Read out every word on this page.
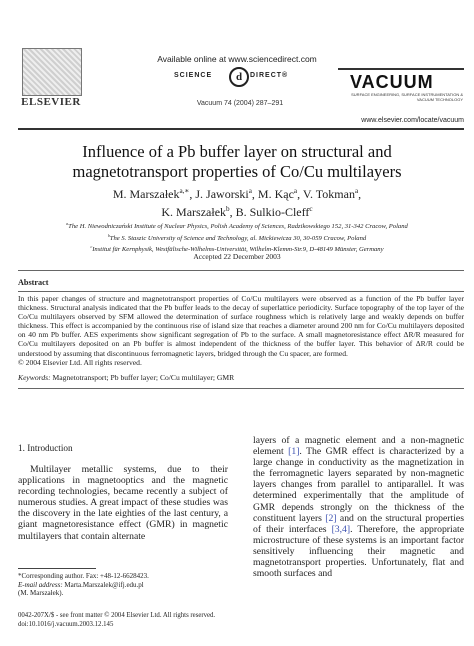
ELSEVIER
Available online at www.sciencedirect.com
SCIENCE	d	DIRECT®
Vacuum 74 (2004) 287–291
VACUUM
SURFACE ENGINEERING, SURFACE INSTRUMENTATION & VACUUM TECHNOLOGY
www.elsevier.com/locate/vacuum
Influence of a Pb buffer layer on structural and
magnetotransport properties of Co/Cu multilayers
M. Marszałek$^{a,∗}$, J. Jaworski$^a$, M. Kąc$^a$, V. Tokman$^a$,
K. Marszałek$^b$, B. Sulkio-Cleff$^c$
$^a$The H. Niewodniczański Institute of Nuclear Physics, Polish Academy of Sciences, Radzikowskiego 152, 31-342 Cracow, Poland
$^b$The S. Staszic University of Science and Technology, al. Mickiewicza 30, 30-059 Cracow, Poland
$^c$Institut für Kernphysik, Westfälische-Wilhelms-Universität, Wilhelm-Klemm-Str.9, D-48149 Münster, Germany
Accepted 22 December 2003
Abstract
In this paper changes of structure and magnetotransport properties of Co/Cu multilayers were observed as a function of the Pb buffer layer thickness. Structural analysis indicated that the Pb buffer leads to the decay of superlattice periodicity. Surface topography of the top layer of the Co/Cu multilayers observed by SFM allowed the determination of surface roughness which is relatively large and weakly depends on buffer thickness. This effect is accompanied by the continuous rise of island size that reaches a diameter around 200 nm for Co/Cu multilayers deposited on 40 nm Pb buffer. AES experiments show significant segregation of Pb to the surface. A small magnetoresistance effect ΔR/R measured for Co/Cu multilayers deposited on an Pb buffer is almost independent of the thickness of the buffer layer. This behavior of ΔR/R could be understood by assuming that discontinuous ferromagnetic layers, bridged through the Cu spacer, are formed.
© 2004 Elsevier Ltd. All rights reserved.
Keywords: Magnetotransport; Pb buffer layer; Co/Cu multilayer; GMR
1. Introduction
Multilayer metallic systems, due to their applications in magnetooptics and the magnetic recording technologies, became recently a subject of numerous studies. A great impact of these studies was the discovery in the late eighties of the last century, a giant magnetoresistance effect (GMR) in magnetic multilayers that contain alternate
layers of a magnetic element and a non-magnetic element [1]. The GMR effect is characterized by a large change in conductivity as the magnetization in the ferromagnetic layers separated by non-magnetic layers changes from parallel to antiparallel. It was determined experimentally that the amplitude of GMR depends strongly on the thickness of the constituent layers [2] and on the structural properties of their interfaces [3,4]. Therefore, the appropriate microstructure of these systems is an important factor sensitively influencing their magnetic and magnetotransport properties. Unfortunately, flat and smooth surfaces and
*Corresponding author. Fax: +48-12-6628423.
E-mail address: Marta.Marszalek@ifj.edu.pl
(M. Marszałek).
0042-207X/$ - see front matter © 2004 Elsevier Ltd. All rights reserved.
doi:10.1016/j.vacuum.2003.12.145
